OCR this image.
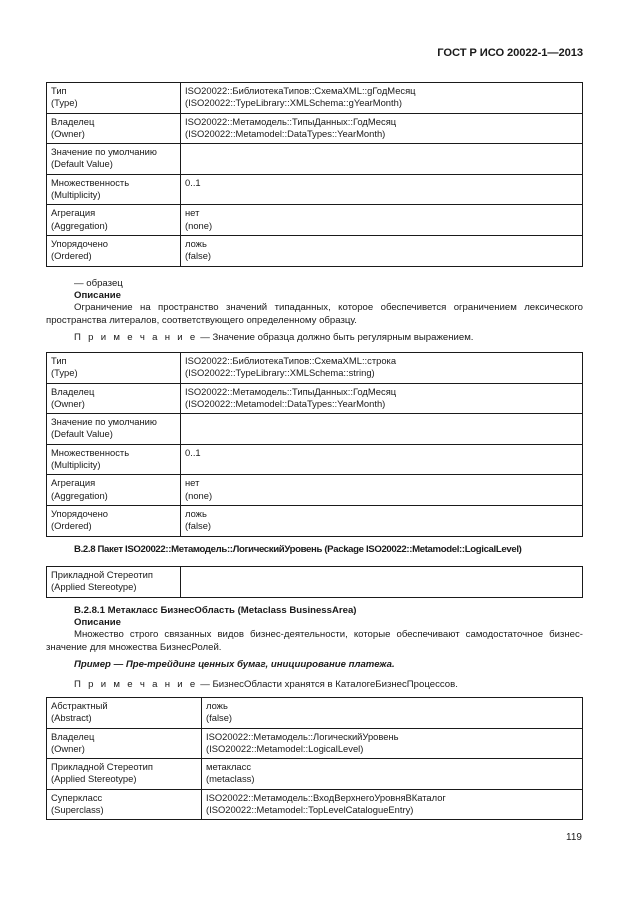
ГОСТ Р ИСО 20022-1—2013
Тип
(Type)	ISO20022::БиблиотекаТипов::СхемаXML::gГодМесяц
(ISO20022::TypeLibrary::XMLSchema::gYearMonth)

Владелец
(Owner)	ISO20022::Метамодель::ТипыДанных::ГодМесяц
(ISO20022::Metamodel::DataTypes::YearMonth)

Значение по умолчанию
(Default Value)	

Множественность
(Multiplicity)	0..1

Агрегация
(Aggregation)	нет
(none)

Упорядочено
(Ordered)	ложь
(false)
— образец
Описание
Ограничение на пространство значений типаданных, которое обеспечивется ограничением лексического пространства литералов, соответствующего определенному образцу.
П р и м е ч а н и е — Значение образца должно быть регулярным выражением.
Тип
(Type)	ISO20022::БиблиотекаТипов::СхемаXML::строка
(ISO20022::TypeLibrary::XMLSchema::string)

Владелец
(Owner)	ISO20022::Метамодель::ТипыДанных::ГодМесяц
(ISO20022::Metamodel::DataTypes::YearMonth)

Значение по умолчанию
(Default Value)	

Множественность
(Multiplicity)	0..1

Агрегация
(Aggregation)	нет
(none)

Упорядочено
(Ordered)	ложь
(false)
B.2.8 Пакет ISO20022::Метамодель::ЛогическийУровень (Package ISO20022::Metamodel::LogicalLevel)
Прикладной Стереотип
(Applied Stereotype)

B.2.8.1 Метакласс БизнесОбласть (Metaclass BusinessArea)
Описание
Множество строго связанных видов бизнес-деятельности, которые обеспечивают самодостаточное бизнес-значение для множества БизнесРолей.
Пример — Пре-трейдинг ценных бумаг, инициирование платежа.
П р и м е ч а н и е — БизнесОбласти хранятся в КаталогеБизнесПроцессов.
Абстрактный
(Abstract)	ложь
(false)

Владелец
(Owner)	ISO20022::Метамодель::ЛогическийУровень
(ISO20022::Metamodel::LogicalLevel)

Прикладной Стереотип
(Applied Stereotype)	метакласс
(metaclass)

Суперкласс
(Superclass)	ISO20022::Метамодель::ВходВерхнегоУровняВКаталог
(ISO20022::Metamodel::TopLevelCatalogueEntry)
119
